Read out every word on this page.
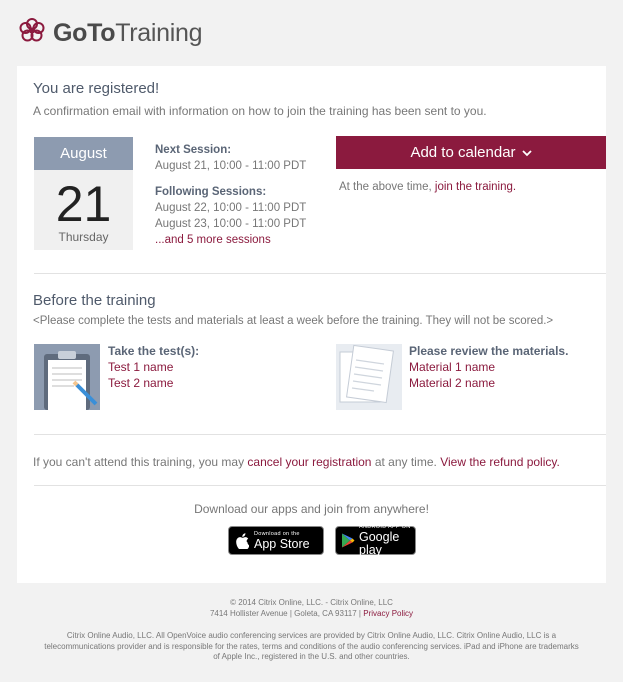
GoToTraining
You are registered!
A confirmation email with information on how to join the training has been sent to you.
August
21
Thursday
Next Session:
August 21, 10:00 - 11:00 PDT
Following Sessions:
August 22, 10:00 - 11:00 PDT
August 23, 10:00 - 11:00 PDT
...and 5 more sessions
Add to calendar
At the above time, join the training.
Before the training
<Please complete the tests and materials at least a week before the training. They will not be scored.>
Take the test(s):
Test 1 name
Test 2 name
Please review the materials.
Material 1 name
Material 2 name
If you can't attend this training, you may cancel your registration at any time. View the refund policy.
Download our apps and join from anywhere!
Download on the
App Store
ANDROID APP ON
Google play
© 2014 Citrix Online, LLC. - Citrix Online, LLC
7414 Hollister Avenue | Goleta, CA 93117 | Privacy Policy
Citrix Online Audio, LLC. All OpenVoice audio conferencing services are provided by Citrix Online Audio, LLC. Citrix Online Audio, LLC is a telecommunications provider and is responsible for the rates, terms and conditions of the audio conferencing services. iPad and iPhone are trademarks of Apple Inc., registered in the U.S. and other countries.
